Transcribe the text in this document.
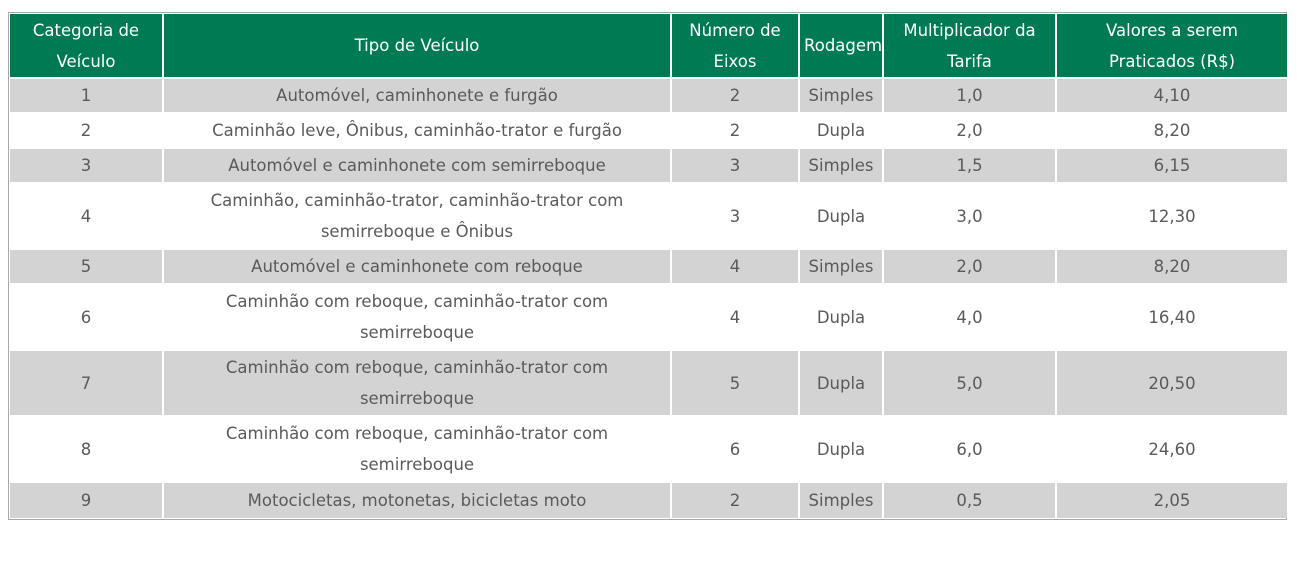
Categoria de Veículo	Tipo de Veículo	Número de Eixos	Rodagem	Multiplicador da Tarifa	Valores a serem Praticados (R$)
1	Automóvel, caminhonete e furgão	2	Simples	1,0	4,10
2	Caminhão leve, Ônibus, caminhão-trator e furgão	2	Dupla	2,0	8,20
3	Automóvel e caminhonete com semirreboque	3	Simples	1,5	6,15
4	Caminhão, caminhão-trator, caminhão-trator com semirreboque e Ônibus	3	Dupla	3,0	12,30
5	Automóvel e caminhonete com reboque	4	Simples	2,0	8,20
6	Caminhão com reboque, caminhão-trator com semirreboque	4	Dupla	4,0	16,40
7	Caminhão com reboque, caminhão-trator com semirreboque	5	Dupla	5,0	20,50
8	Caminhão com reboque, caminhão-trator com semirreboque	6	Dupla	6,0	24,60
9	Motocicletas, motonetas, bicicletas moto	2	Simples	0,5	2,05
